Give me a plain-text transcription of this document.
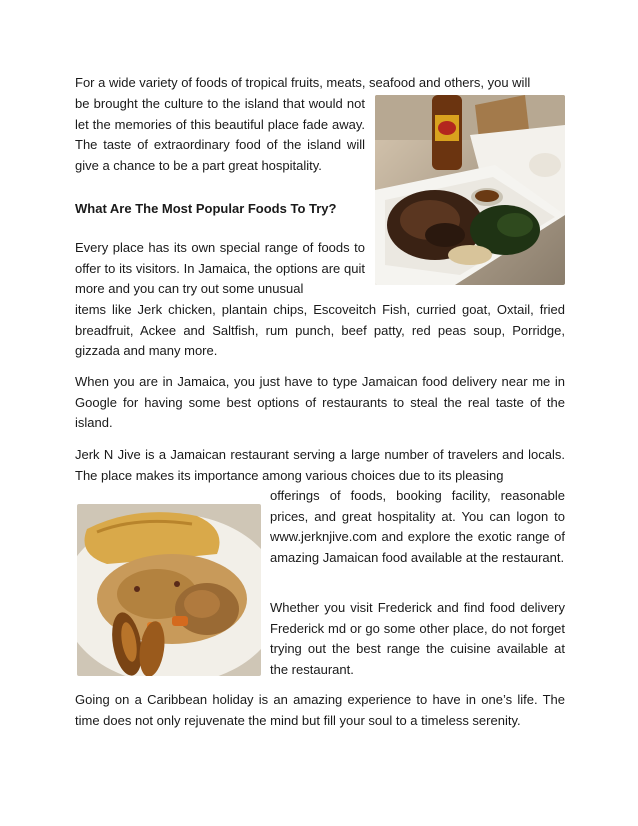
For a wide variety of foods of tropical fruits, meats, seafood and others, you will

be brought the culture to the island that would not let the memories of this beautiful place fade away. The taste of extraordinary food of the island will give a chance to be a part great hospitality.

What Are The Most Popular Foods To Try?

Every place has its own special range of foods to offer to its visitors. In Jamaica, the options are quit more and you can try out some unusual

items like Jerk chicken, plantain chips, Escoveitch Fish, curried goat, Oxtail, fried breadfruit, Ackee and Saltfish, rum punch, beef patty, red peas soup, Porridge, gizzada and many more.

When you are in Jamaica, you just have to type Jamaican food delivery near me in Google for having some best options of restaurants to steal the real taste of the island.

Jerk N Jive is a Jamaican restaurant serving a large number of travelers and locals. The place makes its importance among various choices due to its pleasing

offerings of foods, booking facility, reasonable prices, and great hospitality at. You can logon to www.jerknjive.com and explore the exotic range of amazing Jamaican food available at the restaurant.

Whether you visit Frederick and find food delivery Frederick md or go some other place, do not forget trying out the best range the cuisine available at the restaurant.

Going on a Caribbean holiday is an amazing experience to have in one’s life. The time does not only rejuvenate the mind but fill your soul to a timeless serenity.
